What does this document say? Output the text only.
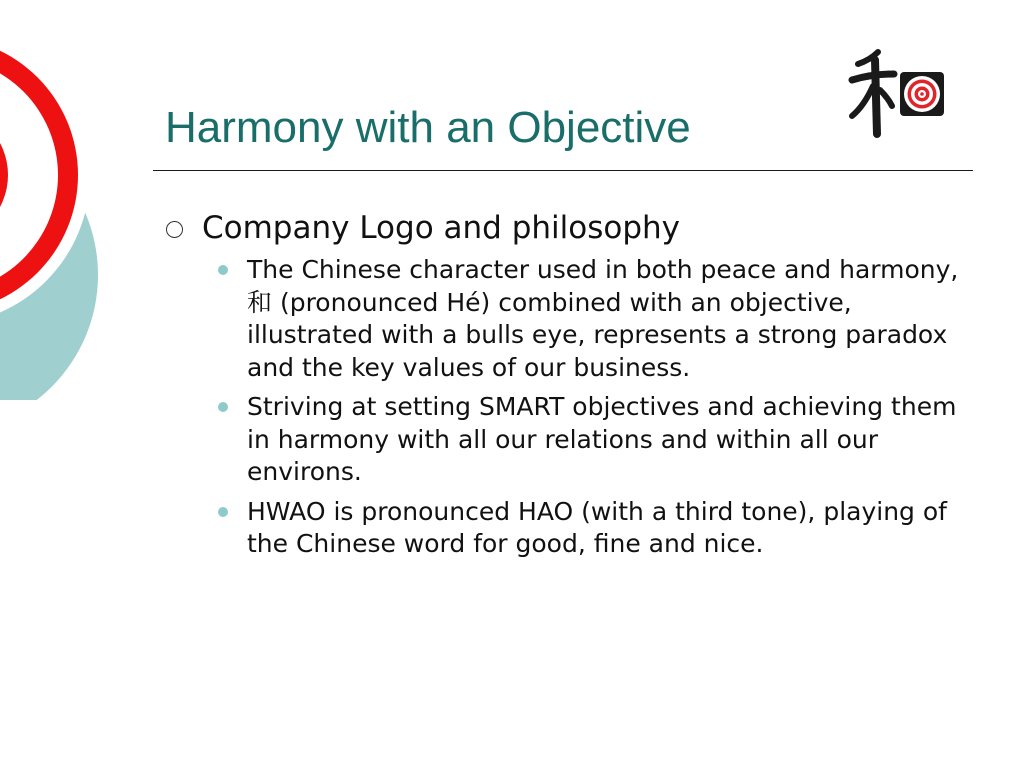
Harmony with an Objective
Company Logo and philosophy
The Chinese character used in both peace and harmony, 和 (pronounced Hé) combined with an objective, illustrated with a bulls eye, represents a strong paradox and the key values of our business.
Striving at setting SMART objectives and achieving them in harmony with all our relations and within all our environs.
HWAO is pronounced HAO (with a third tone), playing of the Chinese word for good, fine and nice.
